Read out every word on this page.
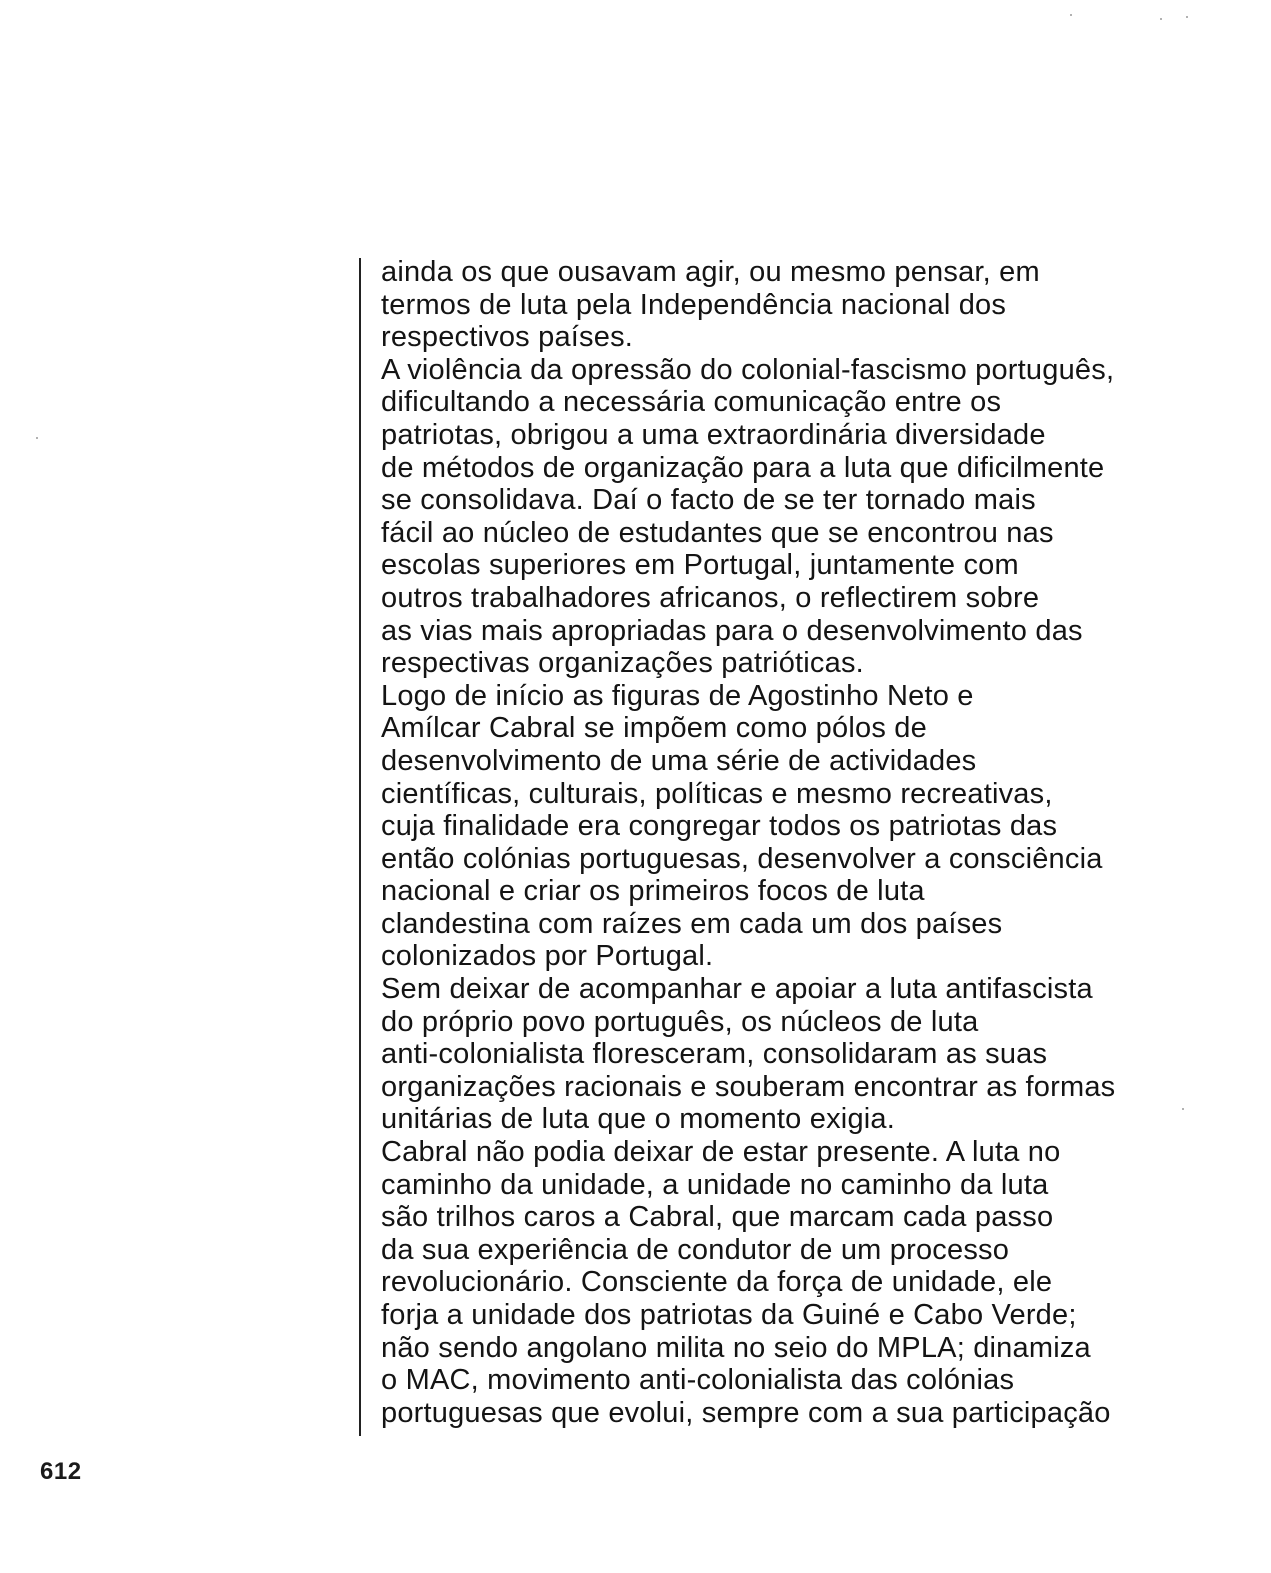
ainda os que ousavam agir, ou mesmo pensar, em
termos de luta pela Independência nacional dos
respectivos países.
A violência da opressão do colonial-fascismo português,
dificultando a necessária comunicação entre os
patriotas, obrigou a uma extraordinária diversidade
de métodos de organização para a luta que dificilmente
se consolidava. Daí o facto de se ter tornado mais
fácil ao núcleo de estudantes que se encontrou nas
escolas superiores em Portugal, juntamente com
outros trabalhadores africanos, o reflectirem sobre
as vias mais apropriadas para o desenvolvimento das
respectivas organizações patrióticas.
Logo de início as figuras de Agostinho Neto e
Amílcar Cabral se impõem como pólos de
desenvolvimento de uma série de actividades
científicas, culturais, políticas e mesmo recreativas,
cuja finalidade era congregar todos os patriotas das
então colónias portuguesas, desenvolver a consciência
nacional e criar os primeiros focos de luta
clandestina com raízes em cada um dos países
colonizados por Portugal.
Sem deixar de acompanhar e apoiar a luta antifascista
do próprio povo português, os núcleos de luta
anti-colonialista floresceram, consolidaram as suas
organizações racionais e souberam encontrar as formas
unitárias de luta que o momento exigia.
Cabral não podia deixar de estar presente. A luta no
caminho da unidade, a unidade no caminho da luta
são trilhos caros a Cabral, que marcam cada passo
da sua experiência de condutor de um processo
revolucionário. Consciente da força de unidade, ele
forja a unidade dos patriotas da Guiné e Cabo Verde;
não sendo angolano milita no seio do MPLA; dinamiza
o MAC, movimento anti-colonialista das colónias
portuguesas que evolui, sempre com a sua participação
612
